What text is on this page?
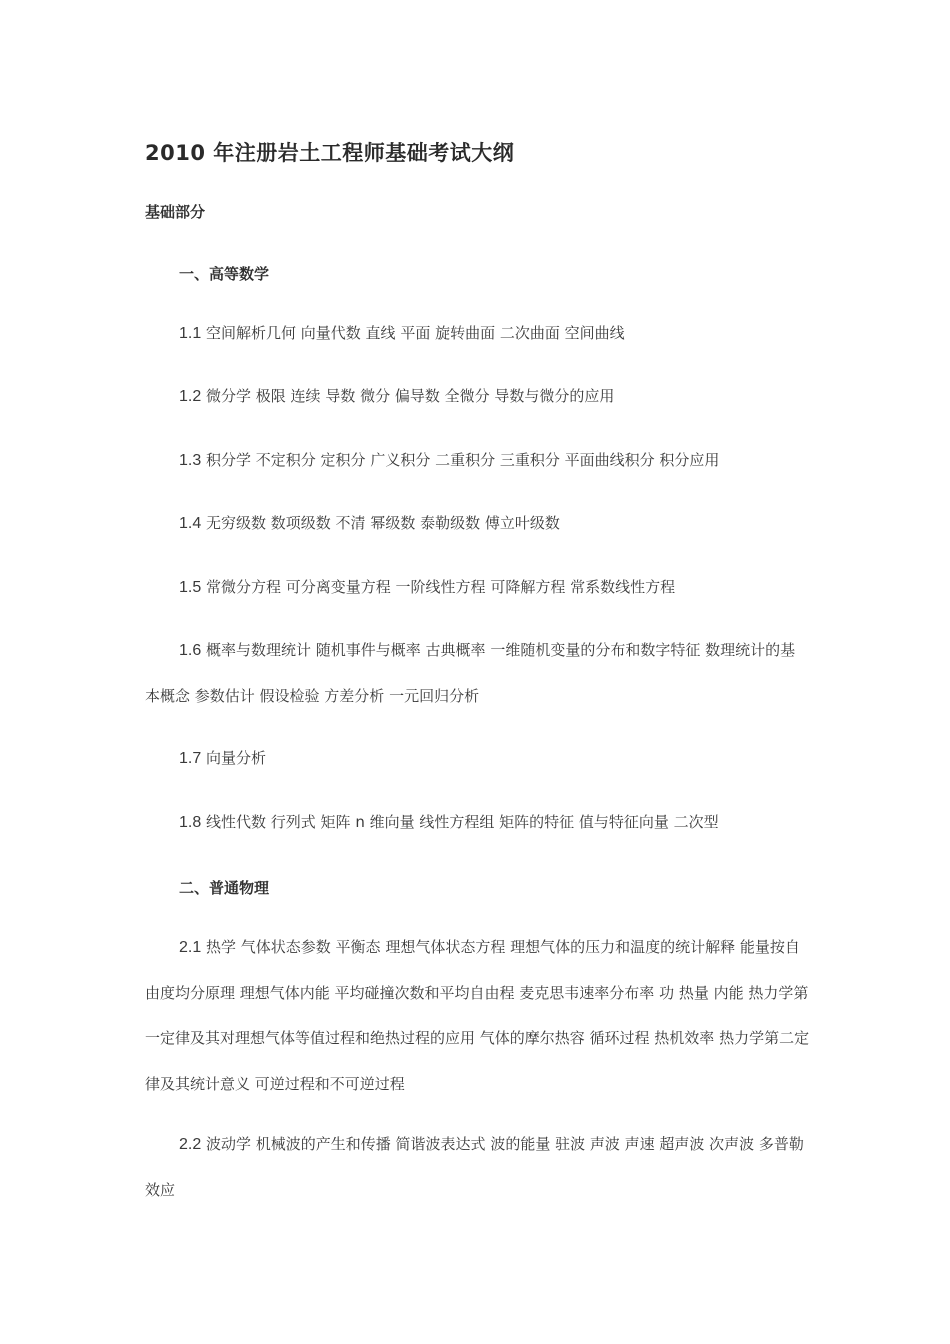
2010 年注册岩土工程师基础考试大纲
基础部分
一、高等数学
1.1 空间解析几何 向量代数 直线 平面 旋转曲面 二次曲面 空间曲线
1.2 微分学 极限 连续 导数 微分 偏导数 全微分 导数与微分的应用
1.3 积分学 不定积分 定积分 广义积分 二重积分 三重积分 平面曲线积分 积分应用
1.4 无穷级数 数项级数 不清 幂级数 泰勒级数 傅立叶级数
1.5 常微分方程 可分离变量方程 一阶线性方程 可降解方程 常系数线性方程
1.6 概率与数理统计 随机事件与概率 古典概率 一维随机变量的分布和数字特征 数理统计的基本概念 参数估计 假设检验 方差分析 一元回归分析
1.7 向量分析
1.8 线性代数 行列式 矩阵 n 维向量 线性方程组 矩阵的特征 值与特征向量 二次型
二、普通物理
2.1 热学 气体状态参数 平衡态 理想气体状态方程 理想气体的压力和温度的统计解释 能量按自由度均分原理 理想气体内能 平均碰撞次数和平均自由程 麦克思韦速率分布率 功 热量 内能 热力学第一定律及其对理想气体等值过程和绝热过程的应用 气体的摩尔热容 循环过程 热机效率 热力学第二定律及其统计意义 可逆过程和不可逆过程
2.2 波动学 机械波的产生和传播 简谐波表达式 波的能量 驻波 声波 声速 超声波 次声波 多普勒效应
